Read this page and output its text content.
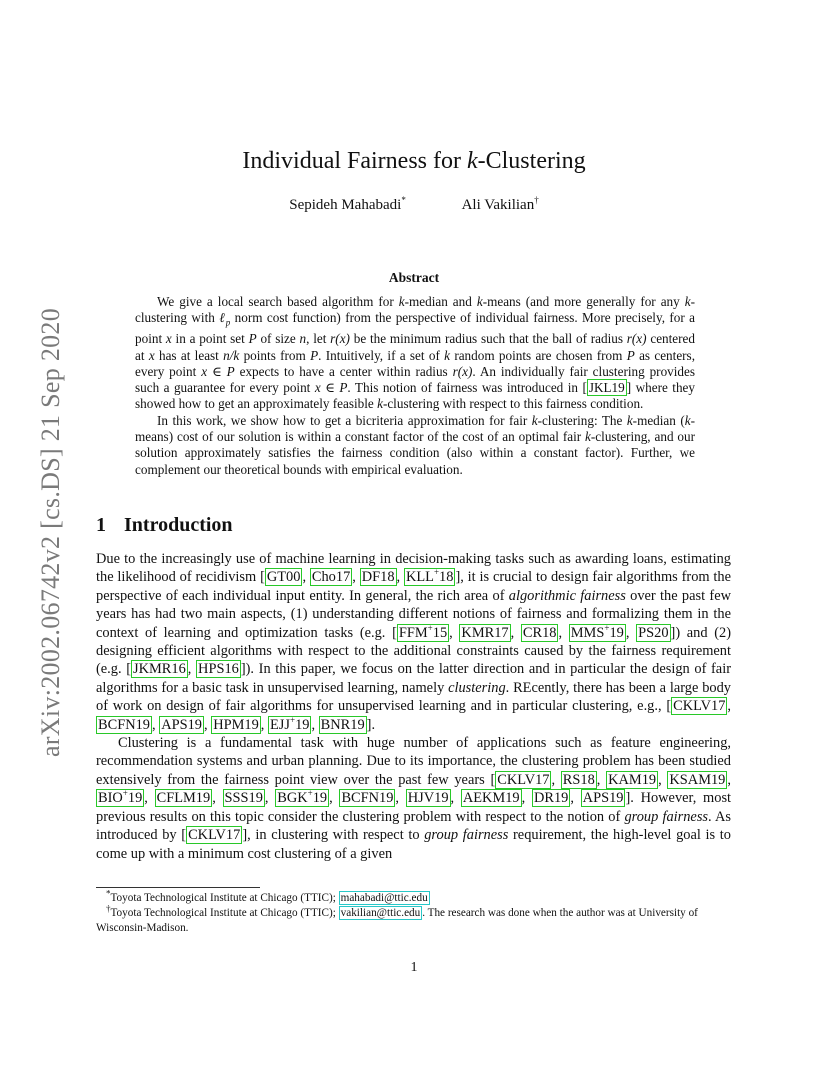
arXiv:2002.06742v2 [cs.DS] 21 Sep 2020
Individual Fairness for k-Clustering
Sepideh Mahabadi*	Ali Vakilian†
Abstract

We give a local search based algorithm for k-median and k-means (and more generally for any k-clustering with ℓ$_p$ norm cost function) from the perspective of individual fairness. More precisely, for a point x in a point set P of size n, let r(x) be the minimum radius such that the ball of radius r(x) centered at x has at least n/k points from P. Intuitively, if a set of k random points are chosen from P as centers, every point x ∈ P expects to have a center within radius r(x). An individually fair clustering provides such a guarantee for every point x ∈ P. This notion of fairness was introduced in [ JKL19 ] where they showed how to get an approximately feasible k-clustering with respect to this fairness condition.

In this work, we show how to get a bicriteria approximation for fair k-clustering: The k-median (k-means) cost of our solution is within a constant factor of the cost of an optimal fair k-clustering, and our solution approximately satisfies the fairness condition (also within a constant factor). Further, we complement our theoretical bounds with empirical evaluation.

1 Introduction

Due to the increasingly use of machine learning in decision-making tasks such as awarding loans, estimating the likelihood of recidivism [ GT00 , Cho17 , DF18 , KLL+18 ], it is crucial to design fair algorithms from the perspective of each individual input entity. In general, the rich area of algorithmic fairness over the past few years has had two main aspects, (1) understanding different notions of fairness and formalizing them in the context of learning and optimization tasks (e.g. [ FFM+15 , KMR17 , CR18 , MMS+19 , PS20 ]) and (2) designing efficient algorithms with respect to the additional constraints caused by the fairness requirement (e.g. [ JKMR16 , HPS16 ]). In this paper, we focus on the latter direction and in particular the design of fair algorithms for a basic task in unsupervised learning, namely clustering. REcently, there has been a large body of work on design of fair algorithms for unsupervised learning and in particular clustering, e.g., [ CKLV17 , BCFN19 , APS19 , HPM19 , EJJ+19 , BNR19 ].

Clustering is a fundamental task with huge number of applications such as feature engineering, recommendation systems and urban planning. Due to its importance, the clustering problem has been studied extensively from the fairness point view over the past few years [ CKLV17 , RS18 , KAM19 , KSAM19 , BIO+19 , CFLM19 , SSS19 , BGK+19 , BCFN19 , HJV19 , AEKM19 , DR19 , APS19 ]. However, most previous results on this topic consider the clustering problem with respect to the notion of group fairness. As introduced by [ CKLV17 ], in clustering with respect to group fairness requirement, the high-level goal is to come up with a minimum cost clustering of a given

*Toyota Technological Institute at Chicago (TTIC); mahabadi@ttic.edu
†Toyota Technological Institute at Chicago (TTIC); vakilian@ttic.edu . The research was done when the author was at University of Wisconsin-Madison.
1
